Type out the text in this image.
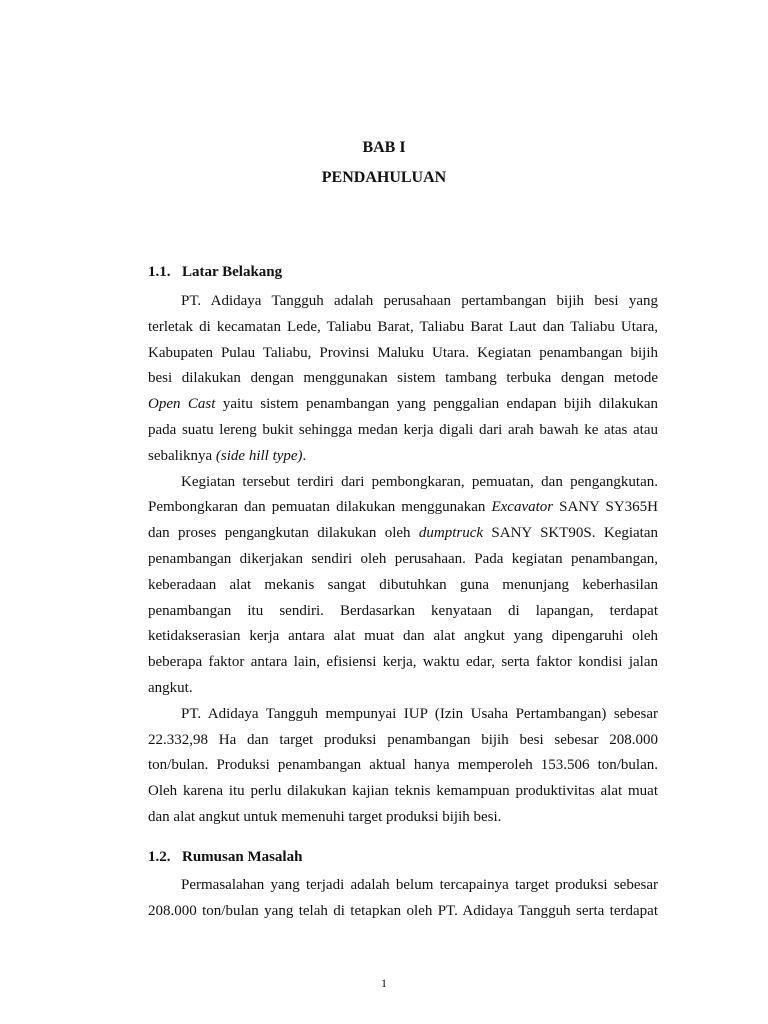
BAB I
PENDAHULUAN
1.1. Latar Belakang

PT. Adidaya Tangguh adalah perusahaan pertambangan bijih besi yang
terletak di kecamatan Lede, Taliabu Barat, Taliabu Barat Laut dan Taliabu Utara,
Kabupaten Pulau Taliabu, Provinsi Maluku Utara. Kegiatan penambangan bijih
besi dilakukan dengan menggunakan sistem tambang terbuka dengan metode
Open Cast yaitu sistem penambangan yang penggalian endapan bijih dilakukan
pada suatu lereng bukit sehingga medan kerja digali dari arah bawah ke atas atau
sebaliknya (side hill type).

Kegiatan tersebut terdiri dari pembongkaran, pemuatan, dan pengangkutan.
Pembongkaran dan pemuatan dilakukan menggunakan Excavator SANY SY365H
dan proses pengangkutan dilakukan oleh dumptruck SANY SKT90S. Kegiatan
penambangan dikerjakan sendiri oleh perusahaan. Pada kegiatan penambangan,
keberadaan alat mekanis sangat dibutuhkan guna menunjang keberhasilan
penambangan itu sendiri. Berdasarkan kenyataan di lapangan, terdapat
ketidakserasian kerja antara alat muat dan alat angkut yang dipengaruhi oleh
beberapa faktor antara lain, efisiensi kerja, waktu edar, serta faktor kondisi jalan
angkut.

PT. Adidaya Tangguh mempunyai IUP (Izin Usaha Pertambangan) sebesar
22.332,98 Ha dan target produksi penambangan bijih besi sebesar 208.000
ton/bulan. Produksi penambangan aktual hanya memperoleh 153.506 ton/bulan.
Oleh karena itu perlu dilakukan kajian teknis kemampuan produktivitas alat muat
dan alat angkut untuk memenuhi target produksi bijih besi.

1.2. Rumusan Masalah

Permasalahan yang terjadi adalah belum tercapainya target produksi sebesar
208.000 ton/bulan yang telah di tetapkan oleh PT. Adidaya Tangguh serta terdapat

1
